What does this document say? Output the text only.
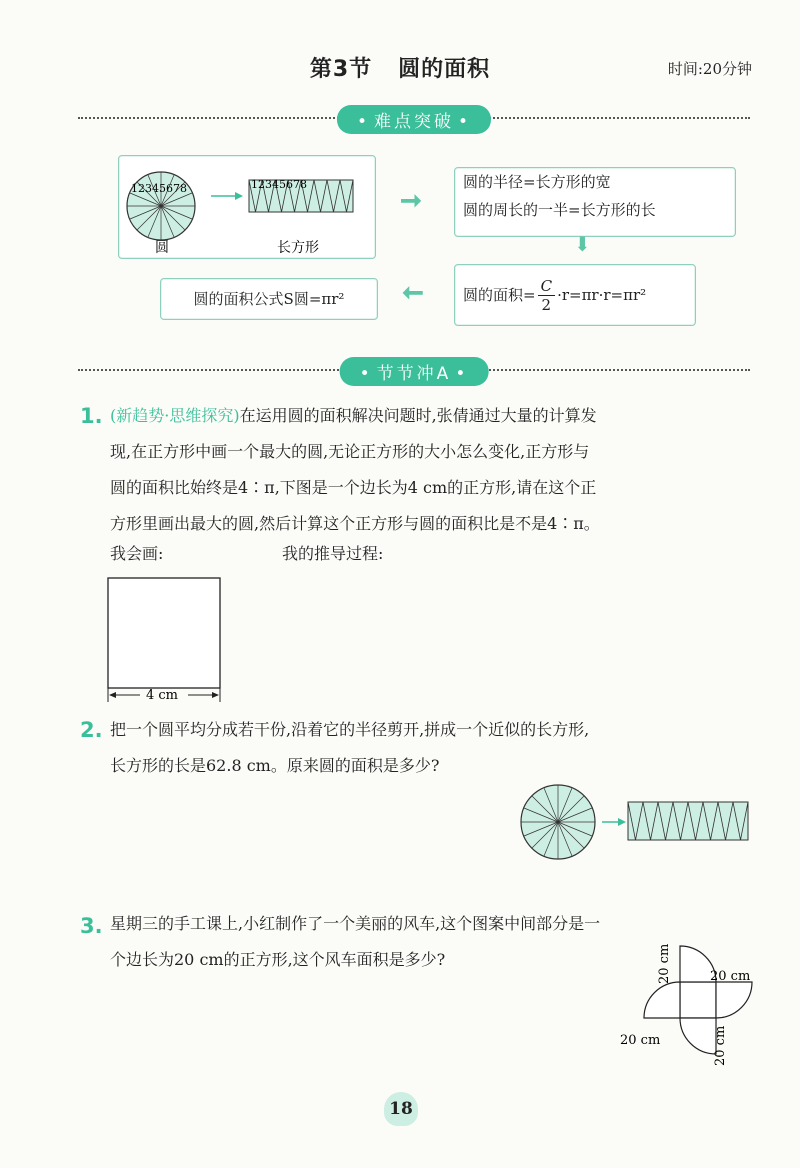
第3节 圆的面积	时间:20分钟
• 难点突破 •
12345678	12345678
圆	长方形
➞
圆的半径=长方形的宽
圆的周长的一半=长方形的长
⬇
圆的面积= $\frac{C}{2} \cdot r=\pi r\cdot r=\pi r^2$
➞
圆的面积公式S圆=πr²
• 节节冲A •
1. (新趋势·思维探究)在运用圆的面积解决问题时,张倩通过大量的计算发
现,在正方形中画一个最大的圆,无论正方形的大小怎么变化,正方形与
圆的面积比始终是4∶π,下图是一个边长为4 cm的正方形,请在这个正
方形里画出最大的圆,然后计算这个正方形与圆的面积比是不是4∶π。
我会画:	我的推导过程:
4 cm
2. 把一个圆平均分成若干份,沿着它的半径剪开,拼成一个近似的长方形,
长方形的长是62.8 cm。原来圆的面积是多少?
3. 星期三的手工课上,小红制作了一个美丽的风车,这个图案中间部分是一
个边长为20 cm的正方形,这个风车面积是多少?	20 cm	20 cm
20 cm	20 cm
18
